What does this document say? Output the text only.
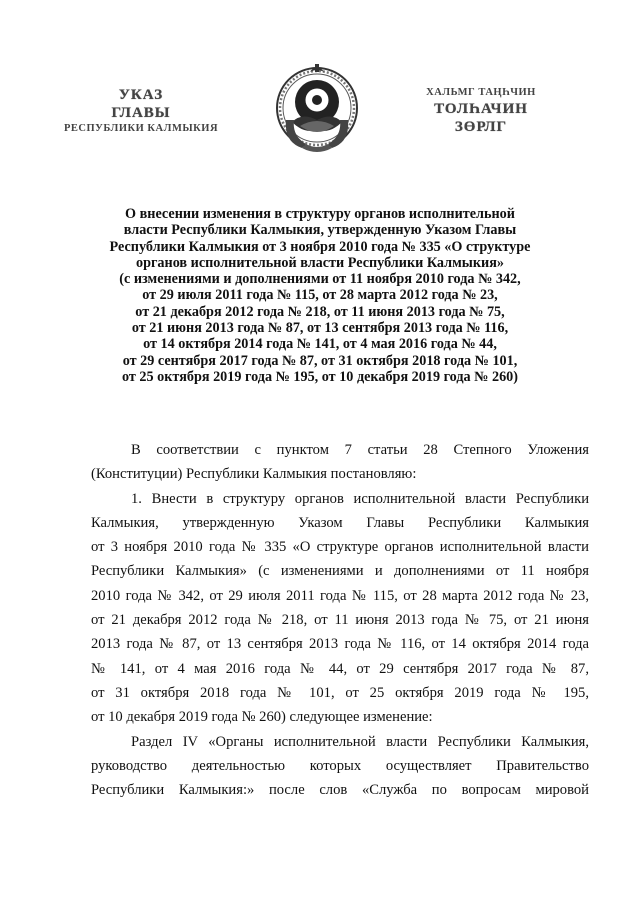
УКАЗ
ГЛАВЫ
РЕСПУБЛИКИ КАЛМЫКИЯ
ХАЛЬМГ ТАҢҺЧИН
ТОЛҺАЧИН
ЗӨРЛГ
О внесении изменения в структуру органов исполнительной
власти Республики Калмыкия, утвержденную Указом Главы
Республики Калмыкия от 3 ноября 2010 года № 335 «О структуре
органов исполнительной власти Республики Калмыкия»
(с изменениями и дополнениями от 11 ноября 2010 года № 342,
от 29 июля 2011 года № 115, от 28 марта 2012 года № 23,
от 21 декабря 2012 года № 218, от 11 июня 2013 года № 75,
от 21 июня 2013 года № 87, от 13 сентября 2013 года № 116,
от 14 октября 2014 года № 141, от 4 мая 2016 года № 44,
от 29 сентября 2017 года № 87, от 31 октября 2018 года № 101,
от 25 октября 2019 года № 195, от 10 декабря 2019 года № 260)
В соответствии с пунктом 7 статьи 28 Степного Уложения
(Конституции) Республики Калмыкия постановляю:
1. Внести в структуру органов исполнительной власти Республики
Калмыкия, утвержденную Указом Главы Республики Калмыкия
от 3 ноября 2010 года № 335 «О структуре органов исполнительной власти
Республики Калмыкия» (с изменениями и дополнениями от 11 ноября
2010 года № 342, от 29 июля 2011 года № 115, от 28 марта 2012 года № 23,
от 21 декабря 2012 года № 218, от 11 июня 2013 года № 75, от 21 июня
2013 года № 87, от 13 сентября 2013 года № 116, от 14 октября 2014 года
№ 141, от 4 мая 2016 года № 44, от 29 сентября 2017 года № 87,
от 31 октября 2018 года № 101, от 25 октября 2019 года № 195,
от 10 декабря 2019 года № 260) следующее изменение:
Раздел IV «Органы исполнительной власти Республики Калмыкия,
руководство деятельностью которых осуществляет Правительство
Республики Калмыкия:» после слов «Служба по вопросам мировой
